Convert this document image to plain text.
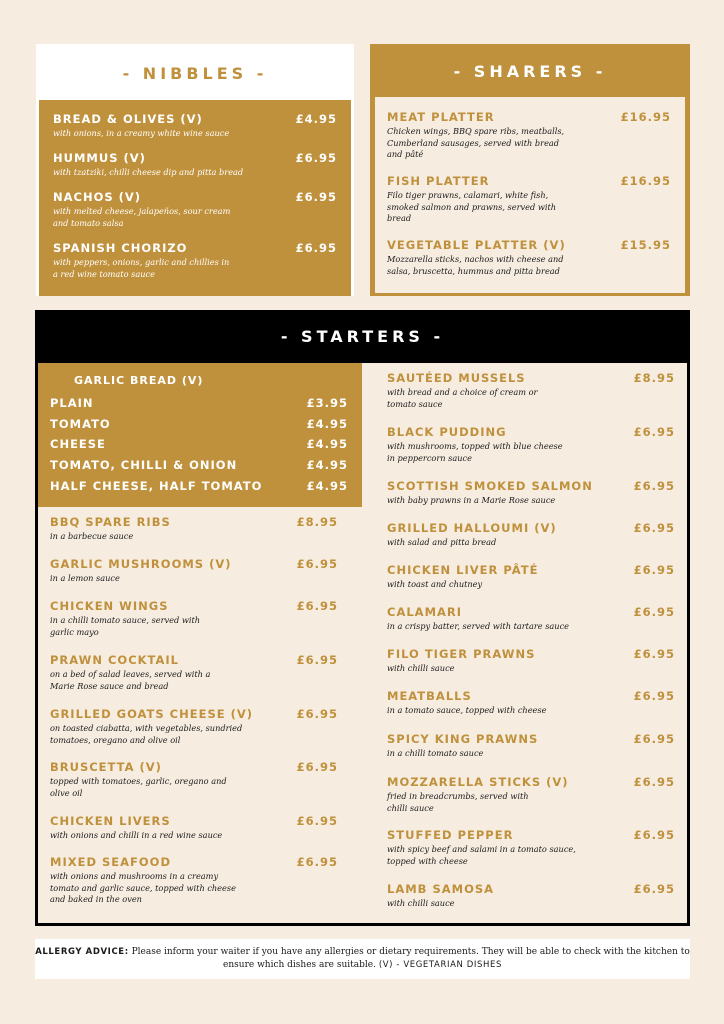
- NIBBLES -
BREAD & OLIVES (V)	£4.95
with onions, in a creamy white wine sauce
HUMMUS (V)	£6.95
with tzatziki, chilli cheese dip and pitta bread
NACHOS (V)	£6.95
with melted cheese, jalapeños, sour cream and tomato salsa
SPANISH CHORIZO	£6.95
with peppers, onions, garlic and chillies in a red wine tomato sauce
- SHARERS -
MEAT PLATTER	£16.95
Chicken wings, BBQ spare ribs, meatballs, Cumberland sausages, served with bread and pâté
FISH PLATTER	£16.95
Filo tiger prawns, calamari, white fish, smoked salmon and prawns, served with bread
VEGETABLE PLATTER (V)	£15.95
Mozzarella sticks, nachos with cheese and salsa, bruscetta, hummus and pitta bread
- STARTERS -
GARLIC BREAD (V)
PLAIN	£3.95
TOMATO	£4.95
CHEESE	£4.95
TOMATO, CHILLI & ONION	£4.95
HALF CHEESE, HALF TOMATO	£4.95
BBQ SPARE RIBS	£8.95
in a barbecue sauce
GARLIC MUSHROOMS (V)	£6.95
in a lemon sauce
CHICKEN WINGS	£6.95
in a chilli tomato sauce, served with garlic mayo
PRAWN COCKTAIL	£6.95
on a bed of salad leaves, served with a Marie Rose sauce and bread
GRILLED GOATS CHEESE (V)	£6.95
on toasted ciabatta, with vegetables, sundried tomatoes, oregano and olive oil
BRUSCETTA (V)	£6.95
topped with tomatoes, garlic, oregano and olive oil
CHICKEN LIVERS	£6.95
with onions and chilli in a red wine sauce
MIXED SEAFOOD	£6.95
with onions and mushrooms in a creamy tomato and garlic sauce, topped with cheese and baked in the oven
SAUTÉED MUSSELS	£8.95
with bread and a choice of cream or tomato sauce
BLACK PUDDING	£6.95
with mushrooms, topped with blue cheese in peppercorn sauce
SCOTTISH SMOKED SALMON	£6.95
with baby prawns in a Marie Rose sauce
GRILLED HALLOUMI (V)	£6.95
with salad and pitta bread
CHICKEN LIVER PÂTÉ	£6.95
with toast and chutney
CALAMARI	£6.95
in a crispy batter, served with tartare sauce
FILO TIGER PRAWNS	£6.95
with chilli sauce
MEATBALLS	£6.95
in a tomato sauce, topped with cheese
SPICY KING PRAWNS	£6.95
in a chilli tomato sauce
MOZZARELLA STICKS (V)	£6.95
fried in breadcrumbs, served with chilli sauce
STUFFED PEPPER	£6.95
with spicy beef and salami in a tomato sauce, topped with cheese
LAMB SAMOSA	£6.95
with chilli sauce
ALLERGY ADVICE: Please inform your waiter if you have any allergies or dietary requirements. They will be able to check with the kitchen to ensure which dishes are suitable. (V) - VEGETARIAN DISHES
